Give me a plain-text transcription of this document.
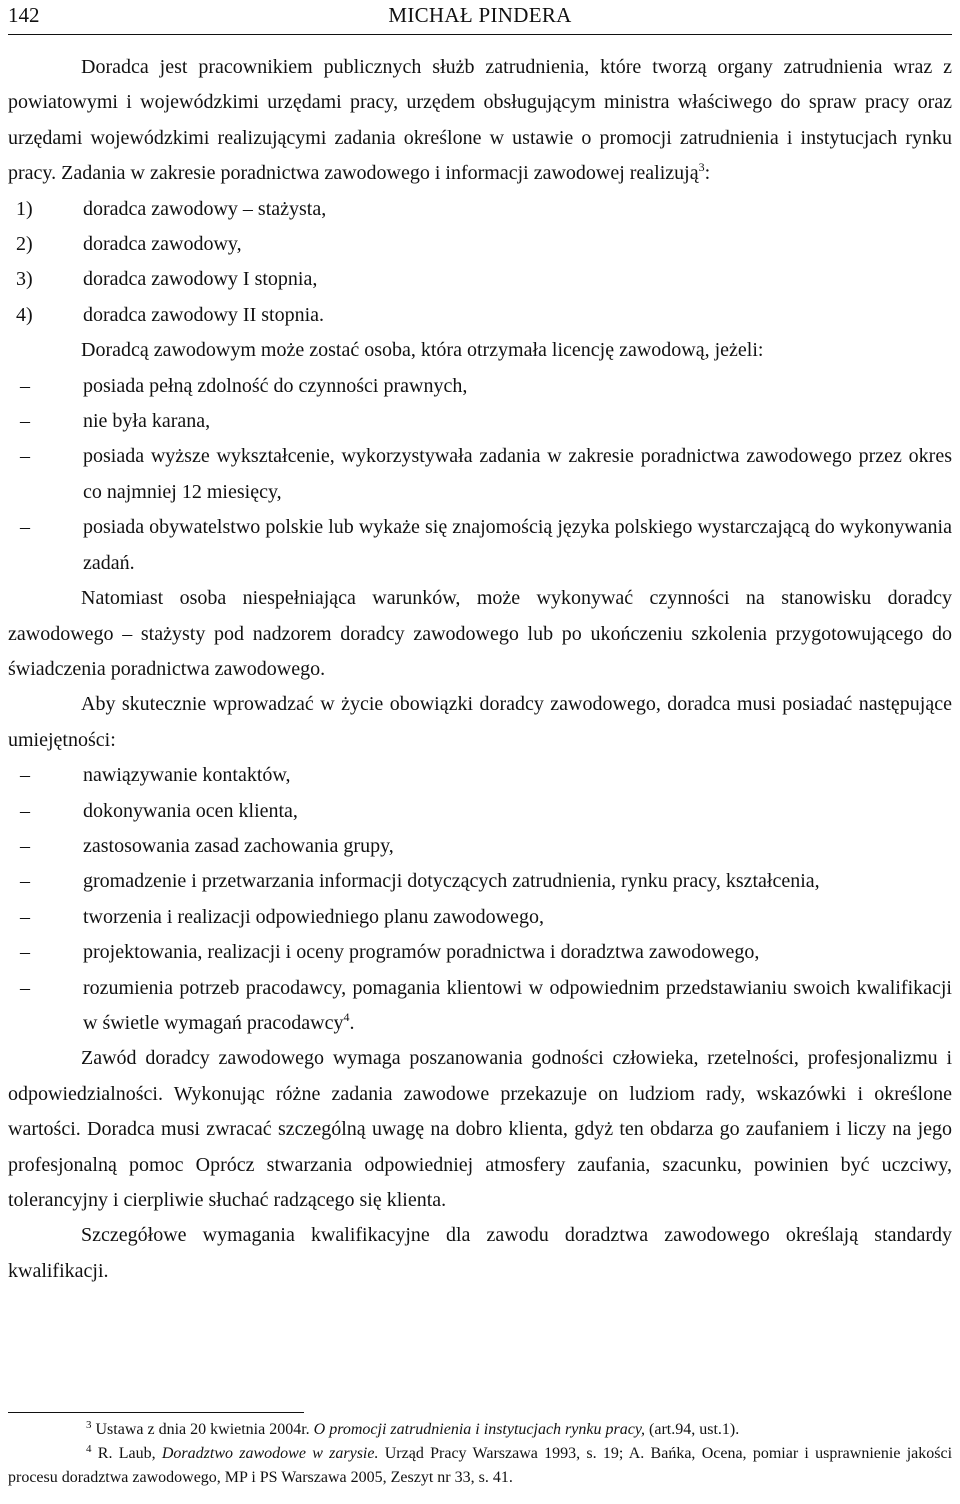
142	MICHAŁ PINDERA

Doradca jest pracownikiem publicznych służb zatrudnienia, które tworzą organy zatrudnienia wraz z powiatowymi i wojewódzkimi urzędami pracy, urzędem obsługującym ministra właściwego do spraw pracy oraz urzędami wojewódzkimi realizującymi zadania określone w ustawie o promocji zatrudnienia i instytucjach rynku pracy. Zadania w zakresie poradnictwa zawodowego i informacji zawodowej realizują$^3$:

1)	doradca zawodowy – stażysta,
2)	doradca zawodowy,
3)	doradca zawodowy I stopnia,
4)	doradca zawodowy II stopnia.

Doradcą zawodowym może zostać osoba, która otrzymała licencję zawodową, jeżeli:

–	posiada pełną zdolność do czynności prawnych,
–	nie była karana,
–	posiada wyższe wykształcenie, wykorzystywała zadania w zakresie poradnictwa zawodowego przez okres co najmniej 12 miesięcy,
–	posiada obywatelstwo polskie lub wykaże się znajomością języka polskiego wystarczającą do wykonywania zadań.

Natomiast osoba niespełniająca warunków, może wykonywać czynności na stanowisku doradcy zawodowego – stażysty pod nadzorem doradcy zawodowego lub po ukończeniu szkolenia przygotowującego do świadczenia poradnictwa zawodowego.

Aby skutecznie wprowadzać w życie obowiązki doradcy zawodowego, doradca musi posiadać następujące umiejętności:

–	nawiązywanie kontaktów,
–	dokonywania ocen klienta,
–	zastosowania zasad zachowania grupy,
–	gromadzenie i przetwarzania informacji dotyczących zatrudnienia, rynku pracy, kształcenia,
–	tworzenia i realizacji odpowiedniego planu zawodowego,
–	projektowania, realizacji i oceny programów poradnictwa i doradztwa zawodowego,
–	rozumienia potrzeb pracodawcy, pomagania klientowi w odpowiednim przedstawianiu swoich kwalifikacji w świetle wymagań pracodawcy$^4$.

Zawód doradcy zawodowego wymaga poszanowania godności człowieka, rzetelności, profesjonalizmu i odpowiedzialności. Wykonując różne zadania zawodowe przekazuje on ludziom rady, wskazówki i określone wartości. Doradca musi zwracać szczególną uwagę na dobro klienta, gdyż ten obdarza go zaufaniem i liczy na jego profesjonalną pomoc Oprócz stwarzania odpowiedniej atmosfery zaufania, szacunku, powinien być uczciwy, tolerancyjny i cierpliwie słuchać radzącego się klienta.

Szczegółowe wymagania kwalifikacyjne dla zawodu doradztwa zawodowego określają standardy kwalifikacji.

$^3$ Ustawa z dnia 20 kwietnia 2004r. O promocji zatrudnienia i instytucjach rynku pracy, (art.94, ust.1).

$^4$ R. Laub, Doradztwo zawodowe w zarysie. Urząd Pracy Warszawa 1993, s. 19; A. Bańka, Ocena, pomiar i usprawnienie jakości procesu doradztwa zawodowego, MP i PS Warszawa 2005, Zeszyt nr 33, s. 41.
